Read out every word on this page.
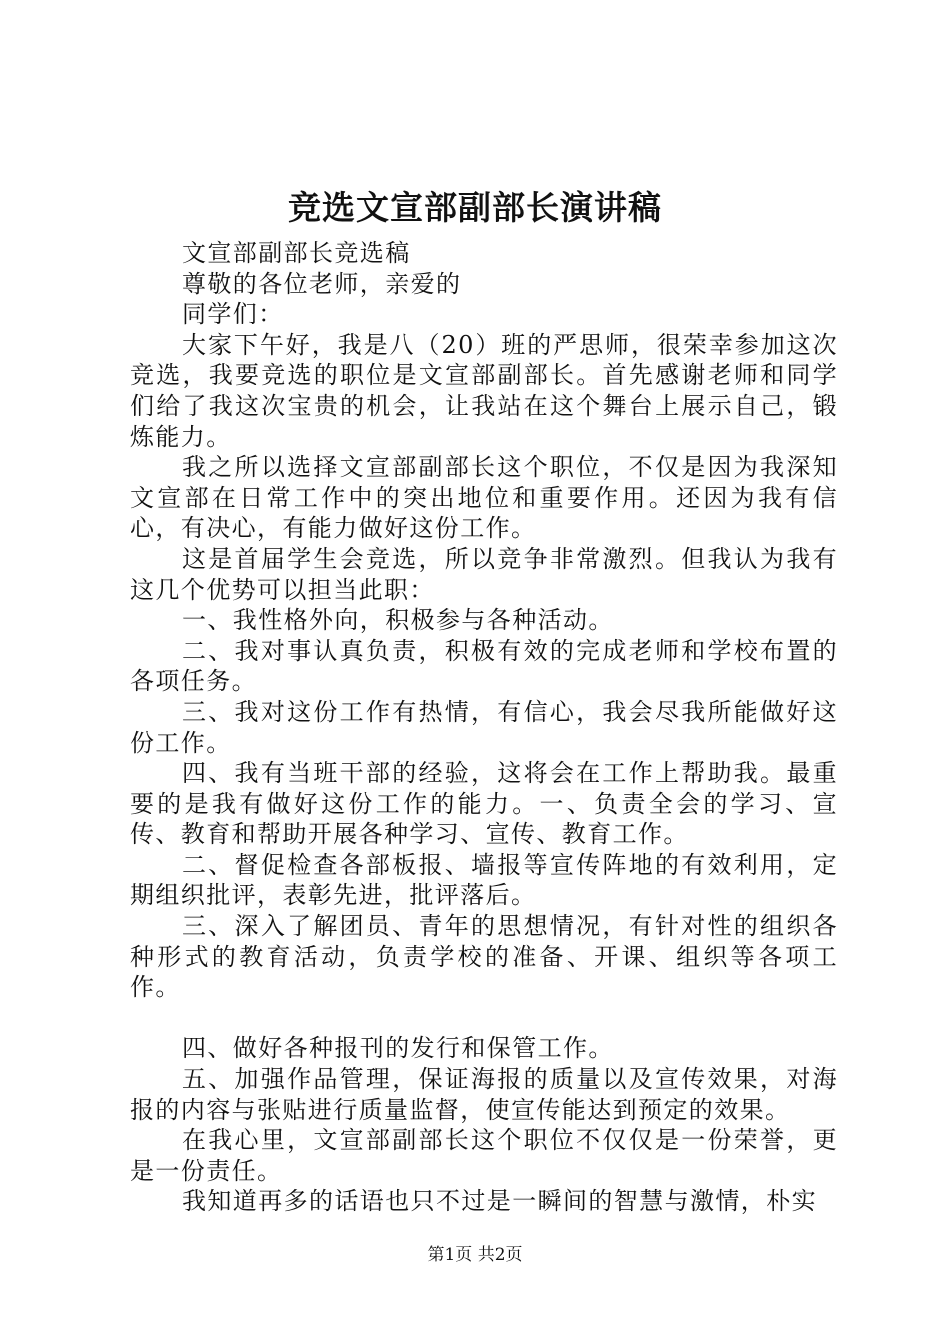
竞选文宣部副部长演讲稿

文宣部副部长竞选稿

尊敬的各位老师，亲爱的

同学们：

大家下午好，我是八（20）班的严思师，很荣幸参加这次竞选，我要竞选的职位是文宣部副部长。首先感谢老师和同学们给了我这次宝贵的机会，让我站在这个舞台上展示自己，锻炼能力。

我之所以选择文宣部副部长这个职位，不仅是因为我深知文宣部在日常工作中的突出地位和重要作用。还因为我有信心，有决心，有能力做好这份工作。

这是首届学生会竞选，所以竞争非常激烈。但我认为我有这几个优势可以担当此职：

一、我性格外向，积极参与各种活动。

二、我对事认真负责，积极有效的完成老师和学校布置的各项任务。

三、我对这份工作有热情，有信心，我会尽我所能做好这份工作。

四、我有当班干部的经验，这将会在工作上帮助我。最重要的是我有做好这份工作的能力。一、负责全会的学习、宣传、教育和帮助开展各种学习、宣传、教育工作。

二、督促检查各部板报、墙报等宣传阵地的有效利用，定期组织批评，表彰先进，批评落后。

三、深入了解团员、青年的思想情况，有针对性的组织各种形式的教育活动，负责学校的准备、开课、组织等各项工作。

四、做好各种报刊的发行和保管工作。

五、加强作品管理，保证海报的质量以及宣传效果，对海报的内容与张贴进行质量监督，使宣传能达到预定的效果。

在我心里，文宣部副部长这个职位不仅仅是一份荣誉，更是一份责任。

我知道再多的话语也只不过是一瞬间的智慧与激情，朴实

第1页 共2页
